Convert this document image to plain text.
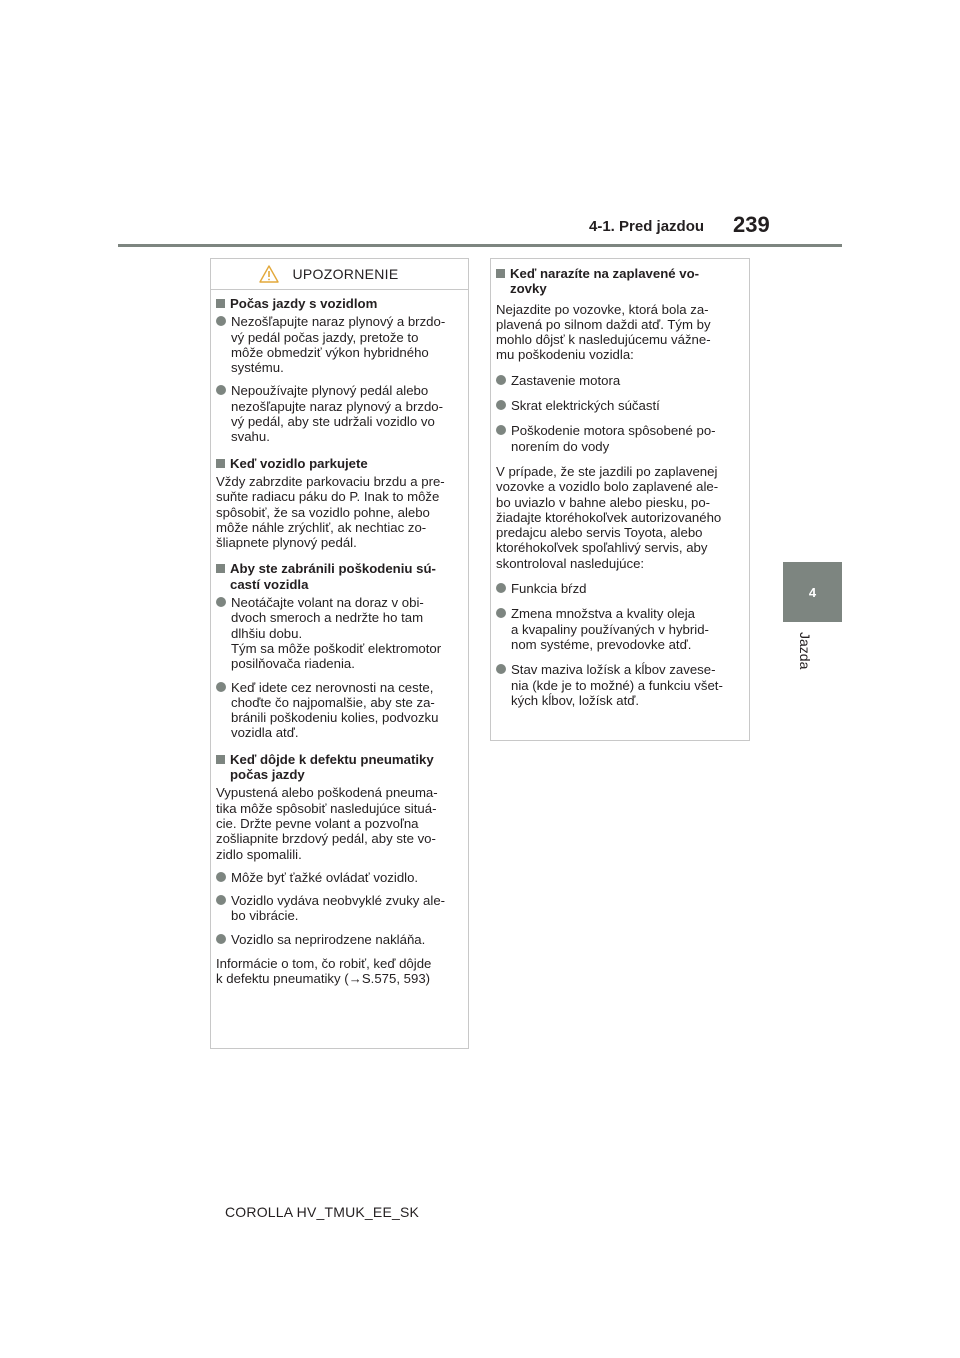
4-1. Pred jazdou 239
4
Jazda
UPOZORNENIE
Počas jazdy s vozidlom
Nezošľapujte naraz plynový a brzdo-
vý pedál počas jazdy, pretože to
môže obmedziť výkon hybridného
systému.
Nepoužívajte plynový pedál alebo
nezošľapujte naraz plynový a brzdo-
vý pedál, aby ste udržali vozidlo vo
svahu.
Keď vozidlo parkujete
Vždy zabrzdite parkovaciu brzdu a pre-
suňte radiacu páku do P. Inak to môže
spôsobiť, že sa vozidlo pohne, alebo
môže náhle zrýchliť, ak nechtiac zo-
šliapnete plynový pedál.
Aby ste zabránili poškodeniu sú-
castí vozidla
Neotáčajte volant na doraz v obi-
dvoch smeroch a nedržte ho tam
dlhšiu dobu.
Tým sa môže poškodiť elektromotor
posilňovača riadenia.
Keď idete cez nerovnosti na ceste,
choďte čo najpomalšie, aby ste za-
bránili poškodeniu kolies, podvozku
vozidla atď.
Keď dôjde k defektu pneumatiky
počas jazdy
Vypustená alebo poškodená pneuma-
tika môže spôsobiť nasledujúce situá-
cie. Držte pevne volant a pozvoľna
zošliapnite brzdový pedál, aby ste vo-
zidlo spomalili.
Môže byť ťažké ovládať vozidlo.
Vozidlo vydáva neobvyklé zvuky ale-
bo vibrácie.
Vozidlo sa neprirodzene nakláňa.
Informácie o tom, čo robiť, keď dôjde
k defektu pneumatiky (→S.575, 593)
Keď narazíte na zaplavené vo-
zovky
Nejazdite po vozovke, ktorá bola za-
plavená po silnom daždi atď. Tým by
mohlo dôjsť k nasledujúcemu vážne-
mu poškodeniu vozidla:
Zastavenie motora
Skrat elektrických súčastí
Poškodenie motora spôsobené po-
norením do vody
V prípade, že ste jazdili po zaplavenej
vozovke a vozidlo bolo zaplavené ale-
bo uviazlo v bahne alebo piesku, po-
žiadajte ktoréhokoľvek autorizovaného
predajcu alebo servis Toyota, alebo
ktoréhokoľvek spoľahlivý servis, aby
skontroloval nasledujúce:
Funkcia bŕzd
Zmena množstva a kvality oleja
a kvapaliny používaných v hybrid-
nom systéme, prevodovke atď.
Stav maziva ložísk a kĺbov zavese-
nia (kde je to možné) a funkciu všet-
kých kĺbov, ložísk atď.
COROLLA HV_TMUK_EE_SK
